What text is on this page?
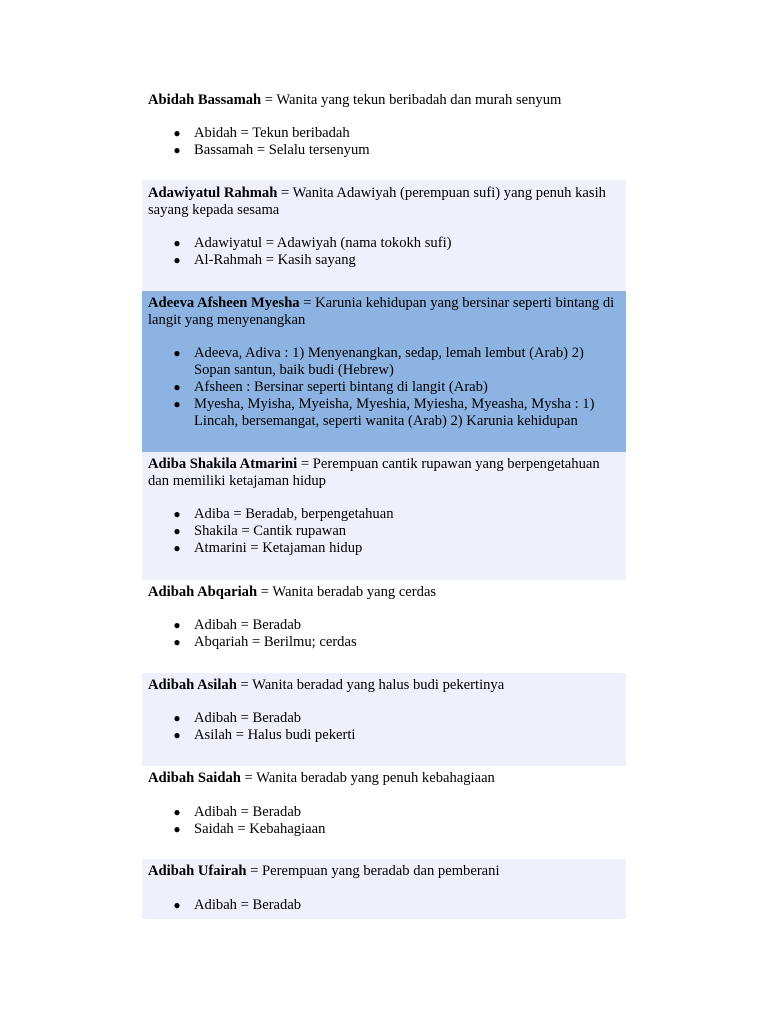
Abidah Bassamah = Wanita yang tekun beribadah dan murah senyum

● Abidah = Tekun beribadah
● Bassamah = Selalu tersenyum

Adawiyatul Rahmah = Wanita Adawiyah (perempuan sufi) yang penuh kasih sayang kepada sesama

● Adawiyatul = Adawiyah (nama tokokh sufi)
● Al-Rahmah = Kasih sayang

Adeeva Afsheen Myesha = Karunia kehidupan yang bersinar seperti bintang di langit yang menyenangkan

● Adeeva, Adiva : 1) Menyenangkan, sedap, lemah lembut (Arab) 2) Sopan santun, baik budi (Hebrew)
● Afsheen : Bersinar seperti bintang di langit (Arab)
● Myesha, Myisha, Myeisha, Myeshia, Myiesha, Myeasha, Mysha : 1) Lincah, bersemangat, seperti wanita (Arab) 2) Karunia kehidupan

Adiba Shakila Atmarini = Perempuan cantik rupawan yang berpengetahuan dan memiliki ketajaman hidup

● Adiba = Beradab, berpengetahuan
● Shakila = Cantik rupawan
● Atmarini = Ketajaman hidup

Adibah Abqariah = Wanita beradab yang cerdas

● Adibah = Beradab
● Abqariah = Berilmu; cerdas

Adibah Asilah = Wanita beradad yang halus budi pekertinya

● Adibah = Beradab
● Asilah = Halus budi pekerti

Adibah Saidah = Wanita beradab yang penuh kebahagiaan

● Adibah = Beradab
● Saidah = Kebahagiaan

Adibah Ufairah = Perempuan yang beradab dan pemberani

● Adibah = Beradab
